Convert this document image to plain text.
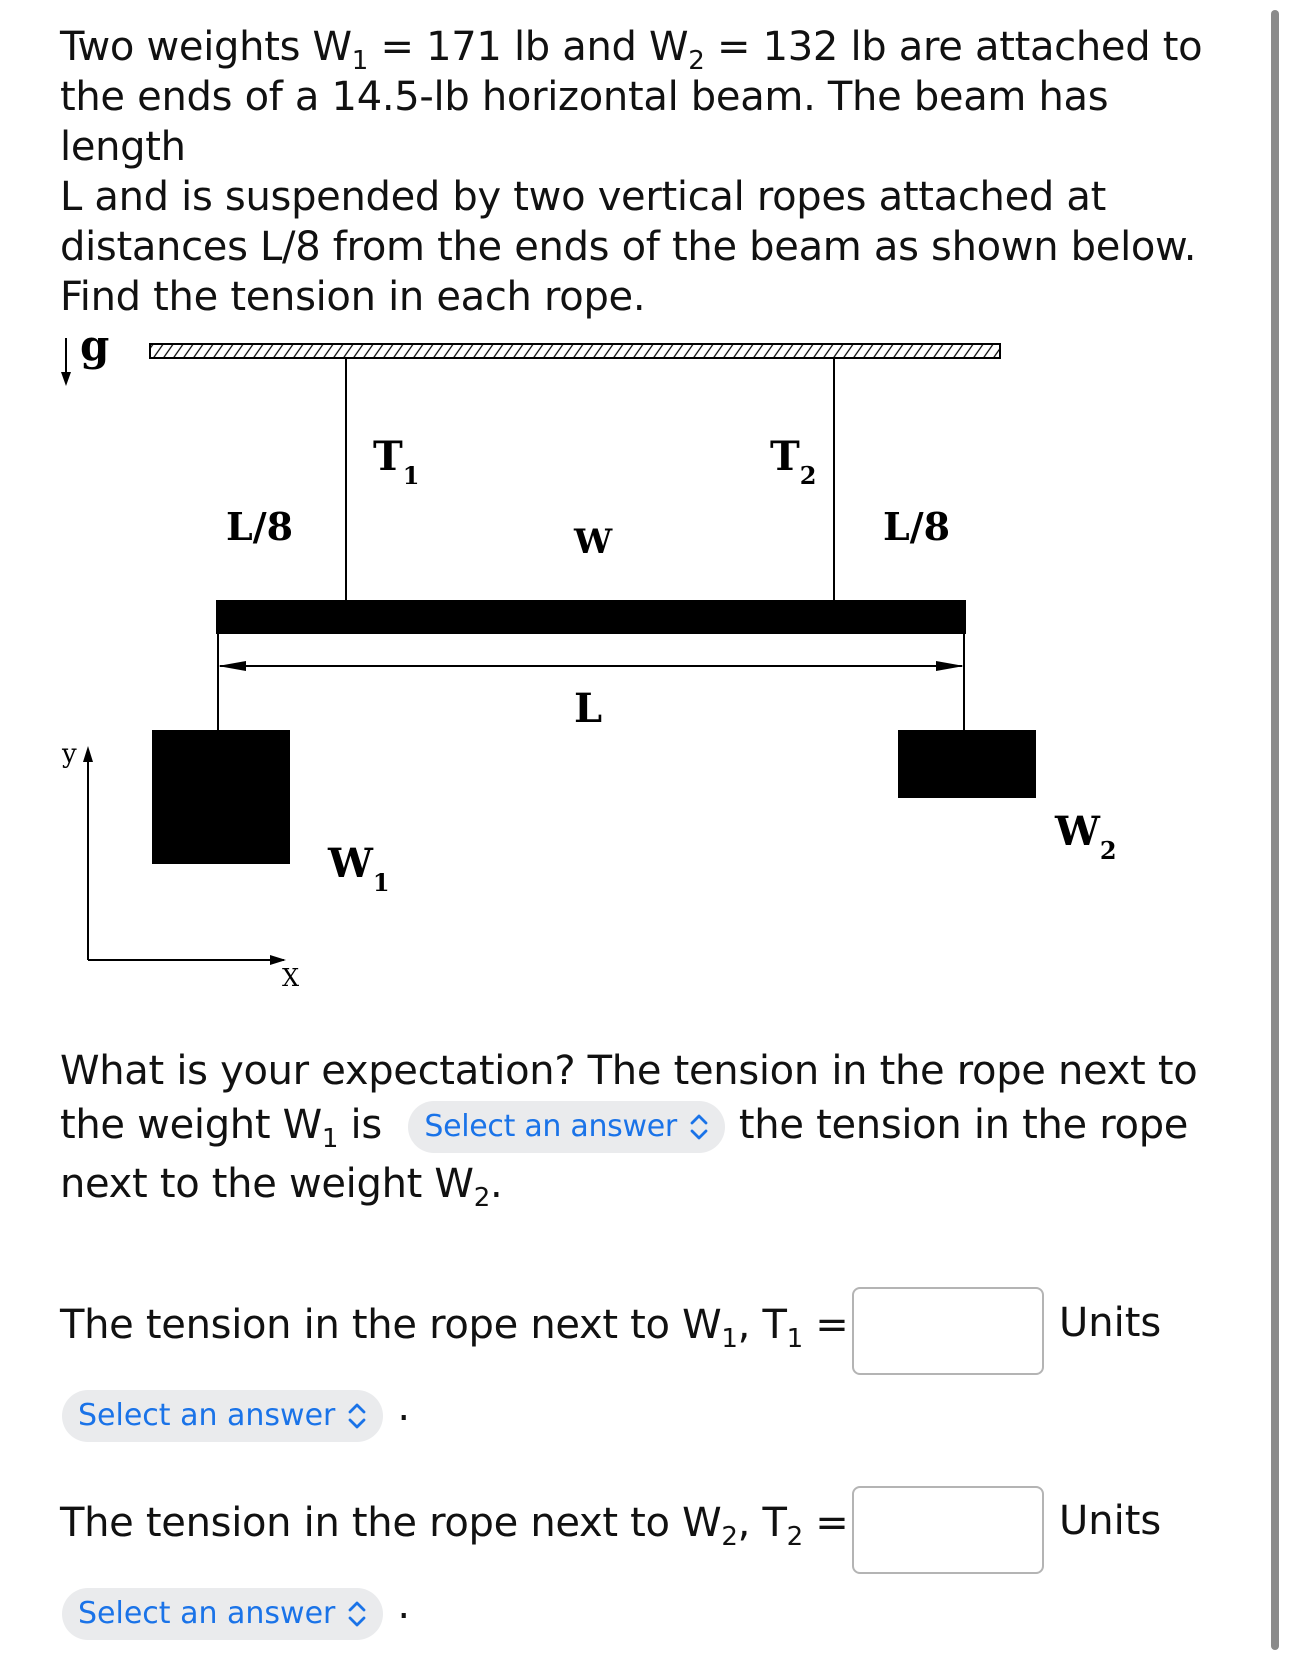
Two weights $W_1 = 171$ lb and $W_2 = 132$ lb are attached to

the ends of a 14.5-lb horizontal beam. The beam has length

L and is suspended by two vertical ropes attached at

distances L/8 from the ends of the beam as shown below.

Find the tension in each rope.

g
$T_1$	$T_2$
L/8	L/8
W
L
$W_1$
$W_2$
y
X
What is your expectation? The tension in the rope next to
the weight $W_1$ is Select an answer the tension in the rope
next to the weight $W_2$.
The tension in the rope next to $W_1$, $T_1$ =	Units
Select an answer .
The tension in the rope next to $W_2$, $T_2$ =	Units
Select an answer .
